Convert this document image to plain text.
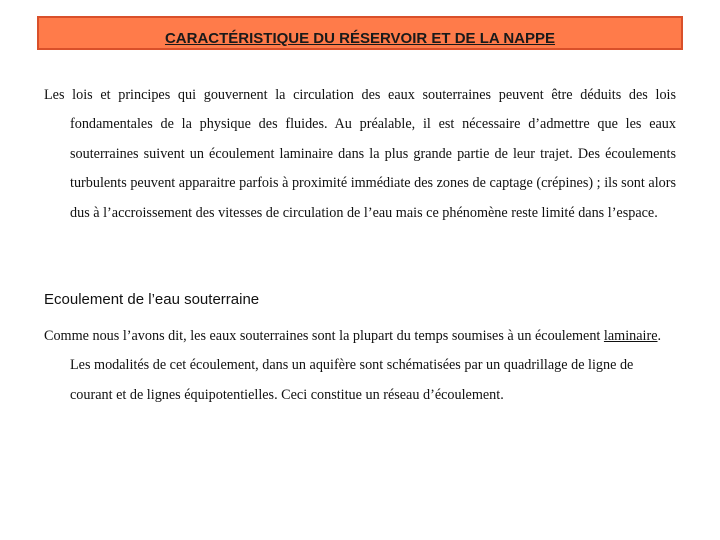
CARACTÉRISTIQUE DU RÉSERVOIR ET DE LA NAPPE

Les lois et principes qui gouvernent la circulation des eaux souterraines peuvent être déduits des lois fondamentales de la physique des fluides. Au préalable, il est nécessaire d’admettre que les eaux souterraines suivent un écoulement laminaire dans la plus grande partie de leur trajet. Des écoulements turbulents peuvent apparaitre parfois à proximité immédiate des zones de captage (crépines) ; ils sont alors dus à l’accroissement des vitesses de circulation de l’eau mais ce phénomène reste limité dans l’espace.

Ecoulement de l’eau souterraine

Comme nous l’avons dit, les eaux souterraines sont la plupart du temps soumises à un écoulement laminaire. Les modalités de cet écoulement, dans un aquifère sont schématisées par un quadrillage de ligne de courant et de lignes équipotentielles. Ceci constitue un réseau d’écoulement.
